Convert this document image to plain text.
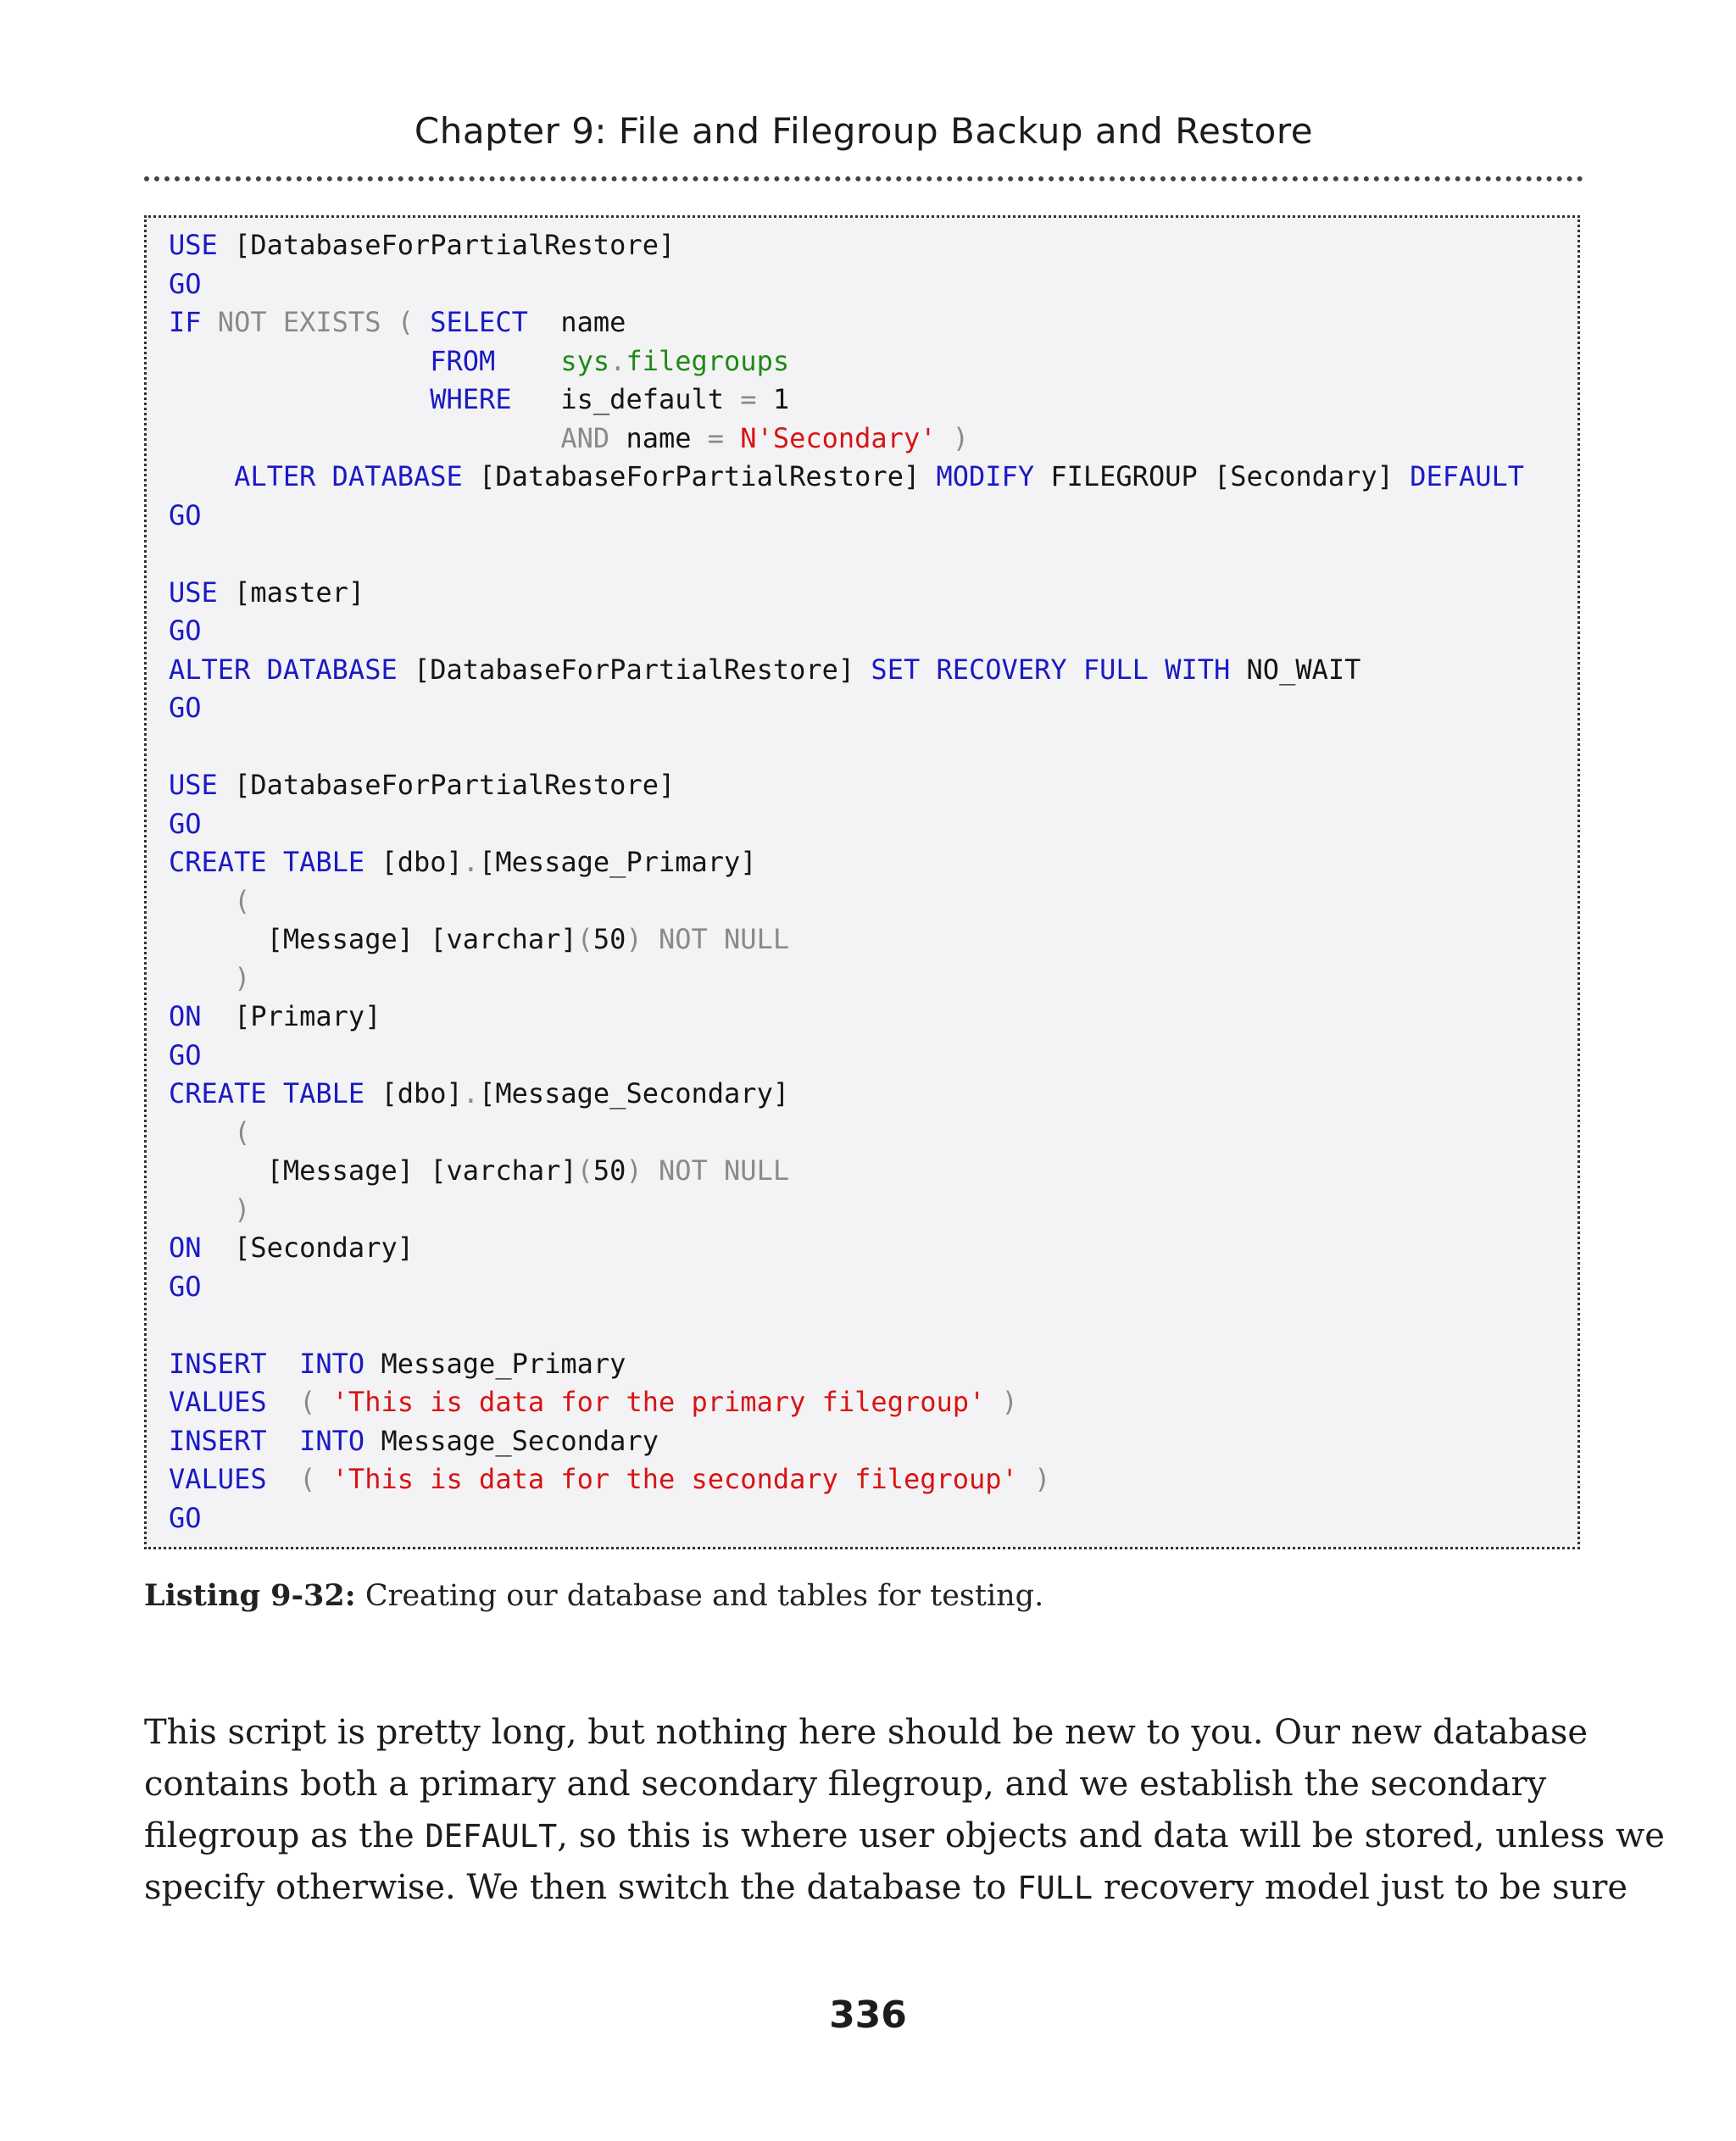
Chapter 9: File and Filegroup Backup and Restore
USE [DatabaseForPartialRestore]
GO
IF NOT EXISTS ( SELECT  name
FROM sys.filegroups
WHERE   is_default = 1
AND name = N'Secondary' )
ALTER DATABASE [DatabaseForPartialRestore] MODIFY FILEGROUP [Secondary] DEFAULT
GO
USE [master]
GO
ALTER DATABASE [DatabaseForPartialRestore] SET RECOVERY FULL WITH NO_WAIT
GO
USE [DatabaseForPartialRestore]
GO
CREATE TABLE [dbo].[Message_Primary]
(
[Message] [varchar](50) NOT NULL
)
ON  [Primary]
GO
CREATE TABLE [dbo].[Message_Secondary]
(
[Message] [varchar](50) NOT NULL
)
ON  [Secondary]
GO
INSERT INTO Message_Primary
VALUES ( 'This is data for the primary filegroup' )
INSERT INTO Message_Secondary
VALUES ( 'This is data for the secondary filegroup' )
GO
Listing 9-32: Creating our database and tables for testing.
This script is pretty long, but nothing here should be new to you. Our new database
contains both a primary and secondary filegroup, and we establish the secondary
filegroup as the DEFAULT, so this is where user objects and data will be stored, unless we
specify otherwise. We then switch the database to FULL recovery model just to be sure
336
